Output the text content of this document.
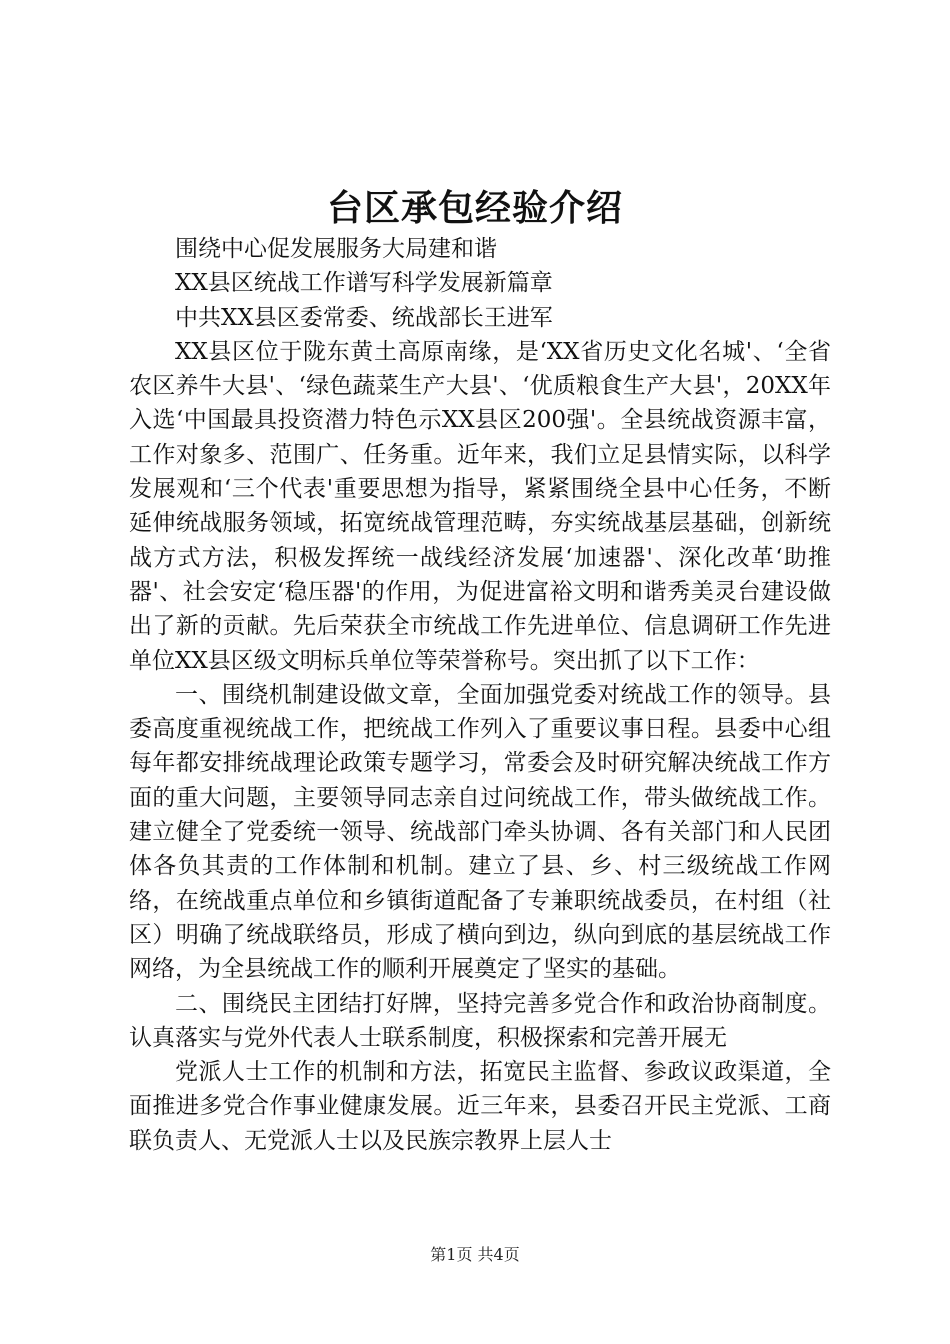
台区承包经验介绍

围绕中心促发展服务大局建和谐

XX县区统战工作谱写科学发展新篇章

中共XX县区委常委、统战部长王进军

XX县区位于陇东黄土高原南缘，是‘XX省历史文化名城'、‘全省农区养牛大县'、‘绿色蔬菜生产大县'、‘优质粮食生产大县'，20XX年入选‘中国最具投资潜力特色示XX县区200强'。全县统战资源丰富，工作对象多、范围广、任务重。近年来，我们立足县情实际，以科学发展观和‘三个代表'重要思想为指导，紧紧围绕全县中心任务，不断延伸统战服务领域，拓宽统战管理范畴，夯实统战基层基础，创新统战方式方法，积极发挥统一战线经济发展‘加速器'、深化改革‘助推器'、社会安定‘稳压器'的作用，为促进富裕文明和谐秀美灵台建设做出了新的贡献。先后荣获全市统战工作先进单位、信息调研工作先进单位XX县区级文明标兵单位等荣誉称号。突出抓了以下工作：

一、围绕机制建设做文章，全面加强党委对统战工作的领导。县委高度重视统战工作，把统战工作列入了重要议事日程。县委中心组每年都安排统战理论政策专题学习，常委会及时研究解决统战工作方面的重大问题，主要领导同志亲自过问统战工作，带头做统战工作。建立健全了党委统一领导、统战部门牵头协调、各有关部门和人民团体各负其责的工作体制和机制。建立了县、乡、村三级统战工作网络，在统战重点单位和乡镇街道配备了专兼职统战委员，在村组（社区）明确了统战联络员，形成了横向到边，纵向到底的基层统战工作网络，为全县统战工作的顺利开展奠定了坚实的基础。

二、围绕民主团结打好牌，坚持完善多党合作和政治协商制度。认真落实与党外代表人士联系制度，积极探索和完善开展无

党派人士工作的机制和方法，拓宽民主监督、参政议政渠道，全面推进多党合作事业健康发展。近三年来，县委召开民主党派、工商联负责人、无党派人士以及民族宗教界上层人士

第1页 共4页
